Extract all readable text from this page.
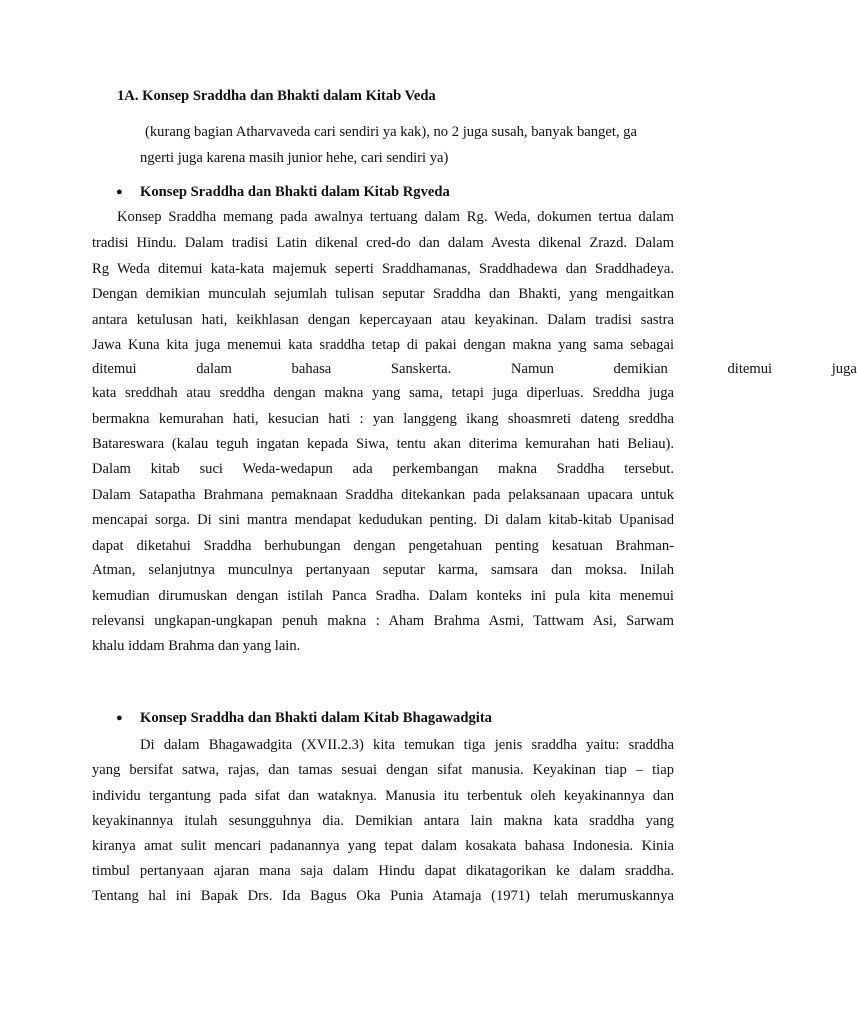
1A. Konsep Sraddha dan Bhakti dalam Kitab Veda
(kurang bagian Atharvaveda cari sendiri ya kak), no 2 juga susah, banyak banget, ga
ngerti juga karena masih junior hehe, cari sendiri ya)
● Konsep Sraddha dan Bhakti dalam Kitab Rgveda
Konsep Sraddha memang pada awalnya tertuang dalam Rg. Weda, dokumen tertua dalam
tradisi Hindu. Dalam tradisi Latin dikenal cred-do dan dalam Avesta dikenal Zrazd. Dalam
Rg Weda ditemui kata-kata majemuk seperti Sraddhamanas, Sraddhadewa dan Sraddhadeya.
Dengan demikian munculah sejumlah tulisan seputar Sraddha dan Bhakti, yang mengaitkan
antara ketulusan hati, keikhlasan dengan kepercayaan atau keyakinan. Dalam tradisi sastra
Jawa Kuna kita juga menemui kata sraddha tetap di pakai dengan makna yang sama sebagai
ditemui dalam bahasa Sanskerta. Namun demikian ditemui juga
kata sreddhah atau sreddha dengan makna yang sama, tetapi juga diperluas. Sreddha juga
bermakna kemurahan hati, kesucian hati : yan langgeng ikang shoasmreti dateng sreddha
Batareswara (kalau teguh ingatan kepada Siwa, tentu akan diterima kemurahan hati Beliau).
Dalam kitab suci Weda-wedapun ada perkembangan makna Sraddha tersebut.
Dalam Satapatha Brahmana pemaknaan Sraddha ditekankan pada pelaksanaan upacara untuk
mencapai sorga. Di sini mantra mendapat kedudukan penting. Di dalam kitab-kitab Upanisad
dapat diketahui Sraddha berhubungan dengan pengetahuan penting kesatuan Brahman-
Atman, selanjutnya munculnya pertanyaan seputar karma, samsara dan moksa. Inilah
kemudian dirumuskan dengan istilah Panca Sradha. Dalam konteks ini pula kita menemui
relevansi ungkapan-ungkapan penuh makna : Aham Brahma Asmi, Tattwam Asi, Sarwam
khalu iddam Brahma dan yang lain.
● Konsep Sraddha dan Bhakti dalam Kitab Bhagawadgita
Di dalam Bhagawadgita (XVII.2.3) kita temukan tiga jenis sraddha yaitu: sraddha
yang bersifat satwa, rajas, dan tamas sesuai dengan sifat manusia. Keyakinan tiap – tiap
individu tergantung pada sifat dan wataknya. Manusia itu terbentuk oleh keyakinannya dan
keyakinannya itulah sesungguhnya dia. Demikian antara lain makna kata sraddha yang
kiranya amat sulit mencari padanannya yang tepat dalam kosakata bahasa Indonesia. Kinia
timbul pertanyaan ajaran mana saja dalam Hindu dapat dikatagorikan ke dalam sraddha.
Tentang hal ini Bapak Drs. Ida Bagus Oka Punia Atamaja (1971) telah merumuskannya
